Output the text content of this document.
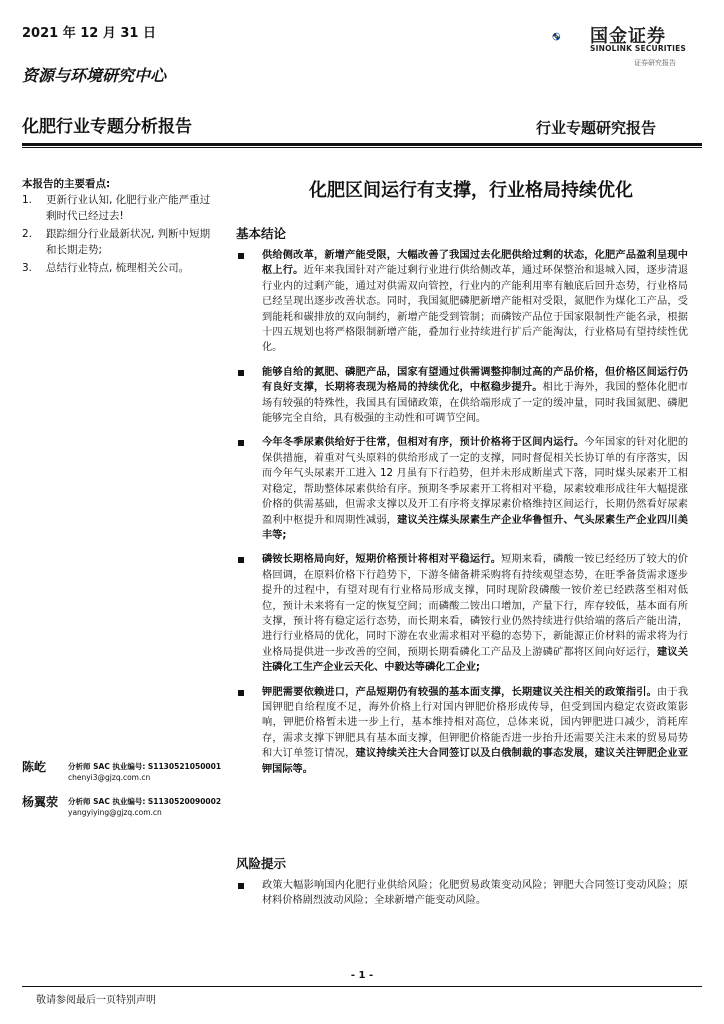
2021 年 12 月 31 日	国金证券
SINOLINK SECURITIES
证券研究报告
资源与环境研究中心
化肥行业专题分析报告	行业专题研究报告
本报告的主要看点:
1. 更新行业认知, 化肥行业产能严重过剩时代已经过去!
2. 跟踪细分行业最新状况, 判断中短期和长期走势;
3. 总结行业特点, 梳理相关公司。
化肥区间运行有支撑，行业格局持续优化
基本结论
供给侧改革，新增产能受限，大幅改善了我国过去化肥供给过剩的状态，化肥产品盈利呈现中枢上行。近年来我国针对产能过剩行业进行供给侧改革，通过环保整治和退城入园，逐步清退行业内的过剩产能，通过对供需双向管控，行业内的产能利用率有触底后回升态势，行业格局已经呈现出逐步改善状态。同时，我国氮肥磷肥新增产能相对受限，氮肥作为煤化工产品，受到能耗和碳排放的双向制约，新增产能受到管制；而磷铵产品位于国家限制性产能名录，根据十四五规划也将严格限制新增产能，叠加行业持续进行扩后产能淘汰，行业格局有望持续性优化。
能够自给的氮肥、磷肥产品，国家有望通过供需调整抑制过高的产品价格，但价格区间运行仍有良好支撑，长期将表现为格局的持续优化，中枢稳步提升。相比于海外，我国的整体化肥市场有较强的特殊性，我国具有国储政策，在供给端形成了一定的缓冲量，同时我国氮肥、磷肥能够完全自给，具有极强的主动性和可调节空间。
今年冬季尿素供给好于往常，但相对有序，预计价格将于区间内运行。今年国家的针对化肥的保供措施，着重对气头原料的供给形成了一定的支撑，同时督促相关长协订单的有序落实，因而今年气头尿素开工进入 12 月虽有下行趋势，但并未形成断崖式下落，同时煤头尿素开工相对稳定，帮助整体尿素供给有序。预期冬季尿素开工将相对平稳，尿素较难形成往年大幅提涨价格的供需基础，但需求支撑以及开工有序将支撑尿素价格维持区间运行，长期仍然看好尿素盈利中枢提升和周期性减弱，建议关注煤头尿素生产企业华鲁恒升、气头尿素生产企业四川美丰等;
磷铵长期格局向好，短期价格预计将相对平稳运行。短期来看，磷酸一铵已经经历了较大的价格回调，在原料价格下行趋势下，下游冬储备耕采购将有持续观望态势，在旺季备货需求逐步提升的过程中，有望对现有行业格局形成支撑，同时现阶段磷酸一铵价差已经跌落至相对低位，预计未来将有一定的恢复空间；而磷酸二铵出口增加，产量下行，库存较低，基本面有所支撑，预计将有稳定运行态势，而长期来看，磷铵行业仍然持续进行供给端的落后产能出清，进行行业格局的优化，同时下游在农业需求相对平稳的态势下，新能源正价材料的需求将为行业格局提供进一步改善的空间，预期长期看磷化工产品及上游磷矿都将区间向好运行，建议关注磷化工生产企业云天化、中毅达等磷化工企业;
钾肥需要依赖进口，产品短期仍有较强的基本面支撑，长期建议关注相关的政策指引。由于我国钾肥自给程度不足，海外价格上行对国内钾肥价格形成传导，但受到国内稳定农资政策影响，钾肥价格暂未进一步上行，基本维持相对高位，总体来说，国内钾肥进口减少，消耗库存，需求支撑下钾肥具有基本面支撑，但钾肥价格能否进一步抬升还需要关注未来的贸易局势和大订单签订情况，建议持续关注大合同签订以及白俄制裁的事态发展，建议关注钾肥企业亚钾国际等。
陈屹	分析师 SAC 执业编号: S1130521050001
chenyi3@gjzq.com.cn
杨翼荥 分析师 SAC 执业编号: S1130520090002
yangyiying@gjzq.com.cn
风险提示
政策大幅影响国内化肥行业供给风险；化肥贸易政策变动风险；钾肥大合同签订变动风险；原材料价格剧烈波动风险；全球新增产能变动风险。
- 1 -
敬请参阅最后一页特别声明
